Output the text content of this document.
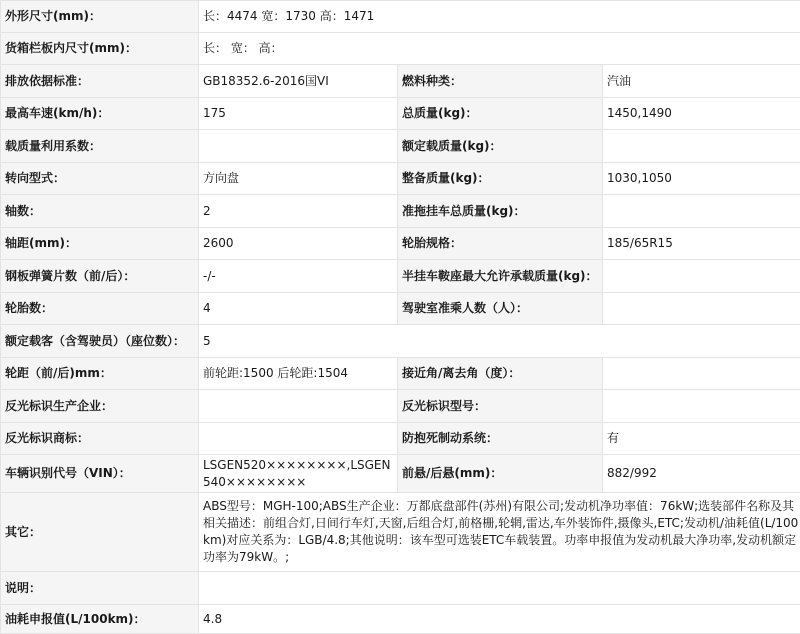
外形尺寸(mm)：	长：4474 宽：1730 高：1471		
货箱栏板内尺寸(mm)：	长： 宽： 高：		
排放依据标准：	GB18352.6-2016国VI	燃料种类：	汽油
最高车速(km/h)：	175	总质量(kg)：	1450,1490
载质量利用系数：		额定载质量(kg)：	
转向型式：	方向盘	整备质量(kg)：	1030,1050
轴数：	2	准拖挂车总质量(kg)：	
轴距(mm)：	2600	轮胎规格：	185/65R15
钢板弹簧片数（前/后）：	-/-	半挂车鞍座最大允许承载质量(kg)：	
轮胎数：	4	驾驶室准乘人数（人）：	
额定载客（含驾驶员）（座位数）：	5		
轮距（前/后)mm：	前轮距:1500 后轮距:1504	接近角/离去角（度）：	
反光标识生产企业：		反光标识型号：	
反光标识商标：		防抱死制动系统：	有
车辆识别代号（VIN）：	LSGEN520××××××××,LSGEN540××××××××	前悬/后悬(mm)：	882/992
其它：	ABS型号：MGH-100;ABS生产企业：万都底盘部件(苏州)有限公司;发动机净功率值：76kW;选装部件名称及其相关描述：前组合灯,日间行车灯,天窗,后组合灯,前格栅,轮辋,雷达,车外装饰件,摄像头,ETC;发动机/油耗值(L/100km)对应关系为：LGB/4.8;其他说明：该车型可选装ETC车载装置。功率申报值为发动机最大净功率,发动机额定功率为79kW。;		
说明：			
油耗申报值(L/100km)：	4.8		
